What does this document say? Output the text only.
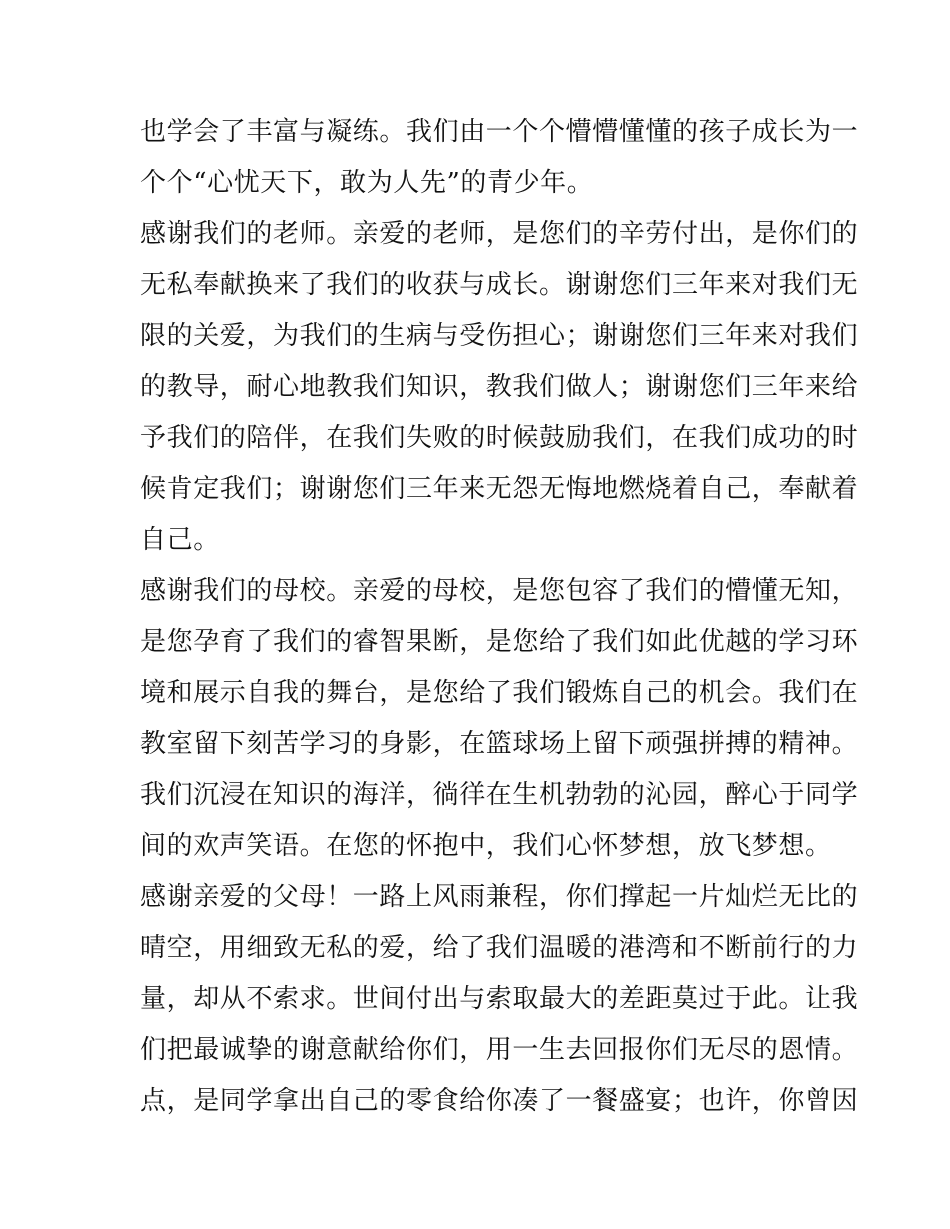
也学会了丰富与凝练。我们由一个个懵懵懂懂的孩子成长为一
个个“心忧天下，敢为人先”的青少年。
感谢我们的老师。亲爱的老师，是您们的辛劳付出，是你们的
无私奉献换来了我们的收获与成长。谢谢您们三年来对我们无
限的关爱，为我们的生病与受伤担心；谢谢您们三年来对我们
的教导，耐心地教我们知识，教我们做人；谢谢您们三年来给
予我们的陪伴，在我们失败的时候鼓励我们，在我们成功的时
候肯定我们；谢谢您们三年来无怨无悔地燃烧着自己，奉献着
自己。
感谢我们的母校。亲爱的母校，是您包容了我们的懵懂无知，
是您孕育了我们的睿智果断，是您给了我们如此优越的学习环
境和展示自我的舞台，是您给了我们锻炼自己的机会。我们在
教室留下刻苦学习的身影，在篮球场上留下顽强拼搏的精神。
我们沉浸在知识的海洋，徜徉在生机勃勃的沁园，醉心于同学
间的欢声笑语。在您的怀抱中，我们心怀梦想，放飞梦想。
感谢亲爱的父母！一路上风雨兼程，你们撑起一片灿烂无比的
晴空，用细致无私的爱，给了我们温暖的港湾和不断前行的力
量，却从不索求。世间付出与索取最大的差距莫过于此。让我
们把最诚挚的谢意献给你们，用一生去回报你们无尽的恩情。
点，是同学拿出自己的零食给你凑了一餐盛宴；也许，你曾因
